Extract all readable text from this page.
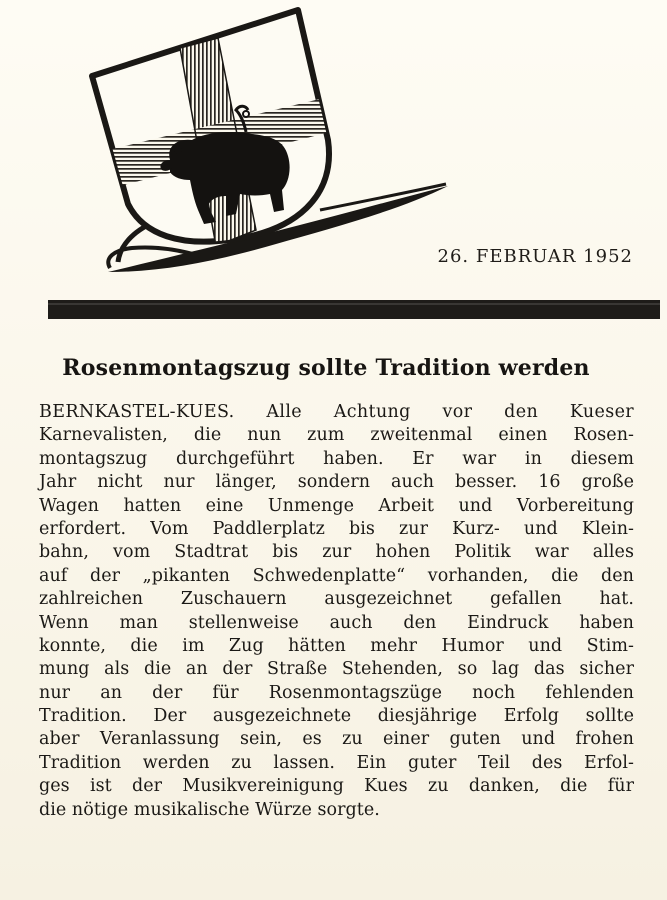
26. FEBRUAR 1952
Rosenmontagszug sollte Tradition werden
BERNKASTEL-KUES. Alle Achtung vor den Kueser
Karnevalisten, die nun zum zweitenmal einen Rosen-
montagszug durchgeführt haben. Er war in diesem
Jahr nicht nur länger, sondern auch besser. 16 große
Wagen hatten eine Unmenge Arbeit und Vorbereitung
erfordert. Vom Paddlerplatz bis zur Kurz- und Klein-
bahn, vom Stadtrat bis zur hohen Politik war alles
auf der „pikanten Schwedenplatte“ vorhanden, die den
zahlreichen Zuschauern ausgezeichnet gefallen hat.
Wenn man stellenweise auch den Eindruck haben
konnte, die im Zug hätten mehr Humor und Stim-
mung als die an der Straße Stehenden, so lag das sicher
nur an der für Rosenmontagszüge noch fehlenden
Tradition. Der ausgezeichnete diesjährige Erfolg sollte
aber Veranlassung sein, es zu einer guten und frohen
Tradition werden zu lassen. Ein guter Teil des Erfol-
ges ist der Musikvereinigung Kues zu danken, die für
die nötige musikalische Würze sorgte.
